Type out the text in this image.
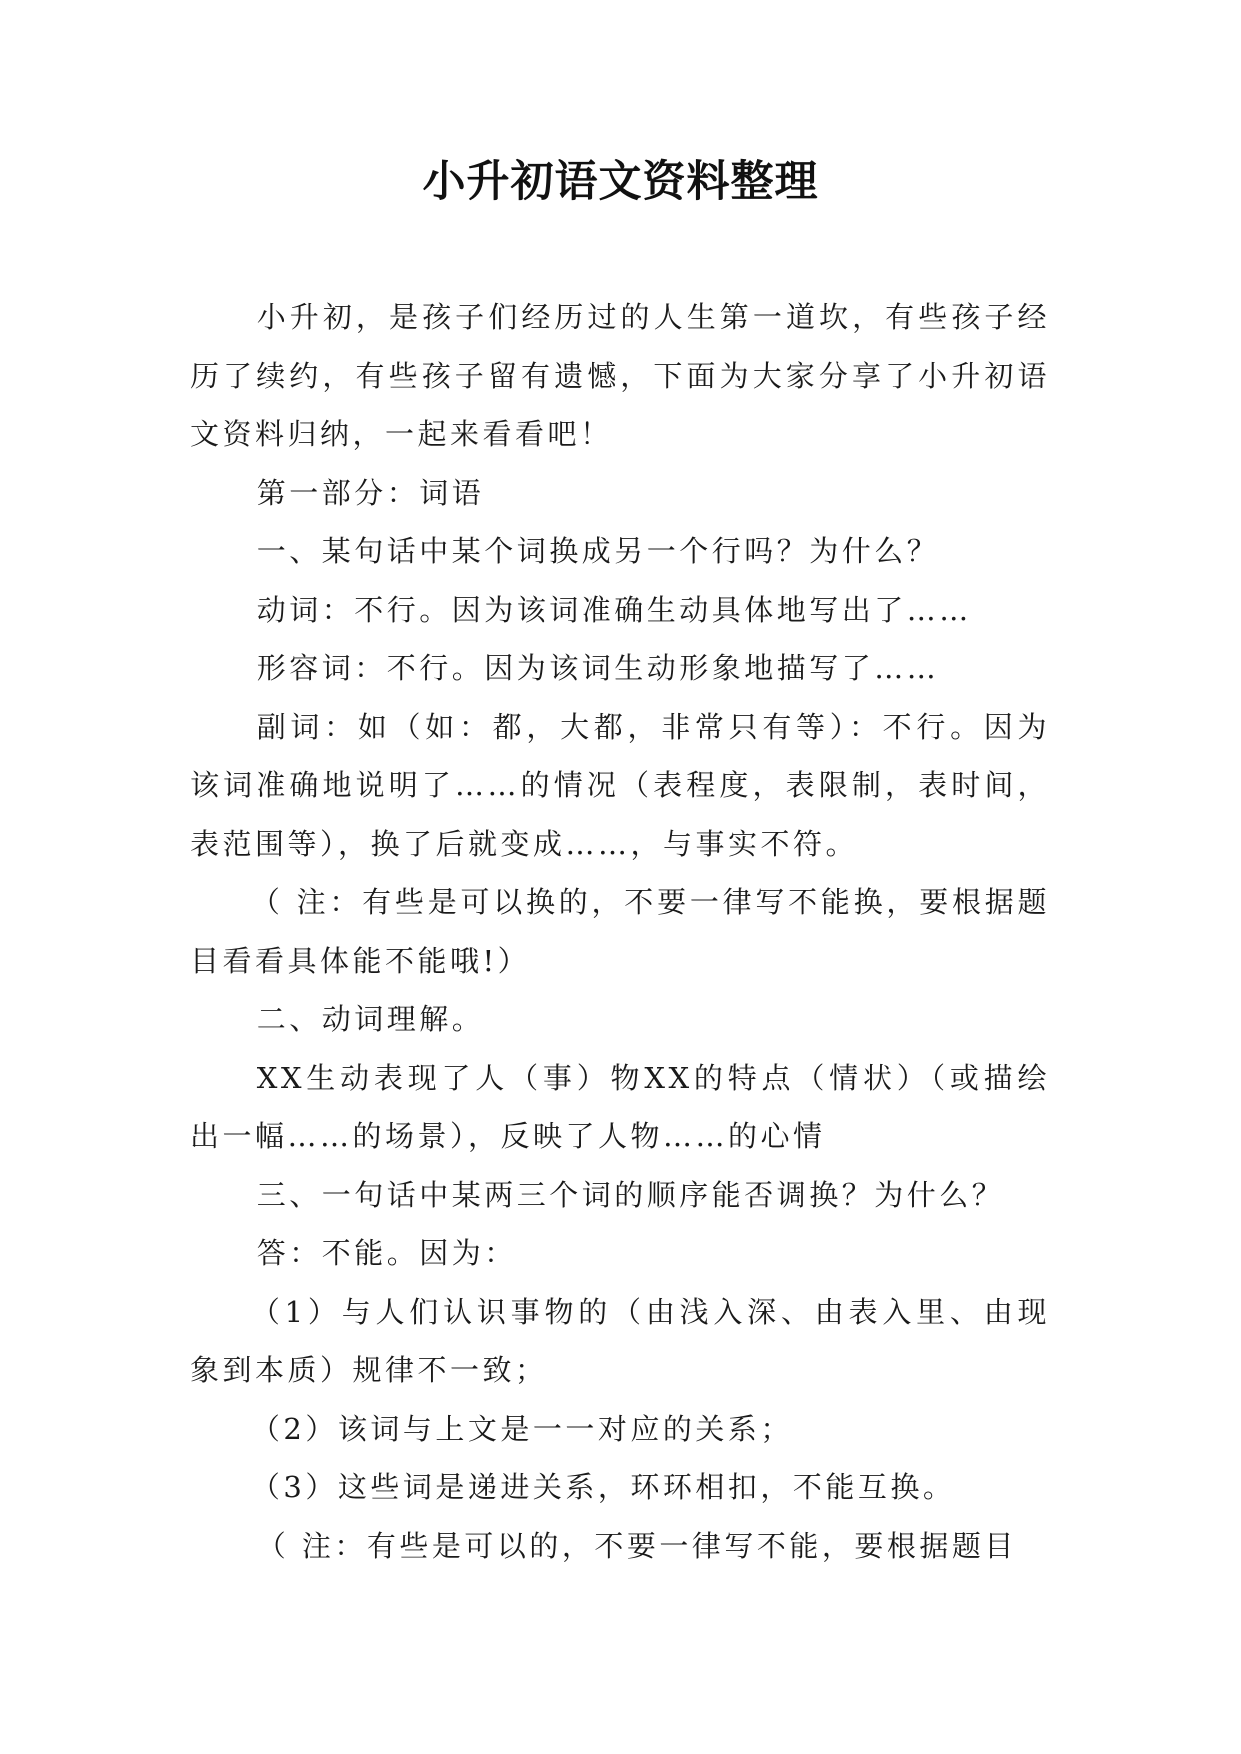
小升初语文资料整理

小升初，是孩子们经历过的人生第一道坎，有些孩子经历了续约，有些孩子留有遗憾，下面为大家分享了小升初语文资料归纳，一起来看看吧！

第一部分：词语

一、某句话中某个词换成另一个行吗？为什么？

动词：不行。因为该词准确生动具体地写出了……

形容词：不行。因为该词生动形象地描写了……

副词：如（如：都，大都，非常只有等）：不行。因为该词准确地说明了……的情况（表程度，表限制，表时间，表范围等），换了后就变成……，与事实不符。

（ 注：有些是可以换的，不要一律写不能换，要根据题目看看具体能不能哦!）

二、动词理解。

XX生动表现了人（事）物XX的特点（情状）（或描绘出一幅……的场景），反映了人物……的心情

三、一句话中某两三个词的顺序能否调换？为什么？

答：不能。因为：

（1）与人们认识事物的（由浅入深、由表入里、由现象到本质）规律不一致；

（2）该词与上文是一一对应的关系；

（3）这些词是递进关系，环环相扣，不能互换。

（ 注：有些是可以的，不要一律写不能，要根据题目
